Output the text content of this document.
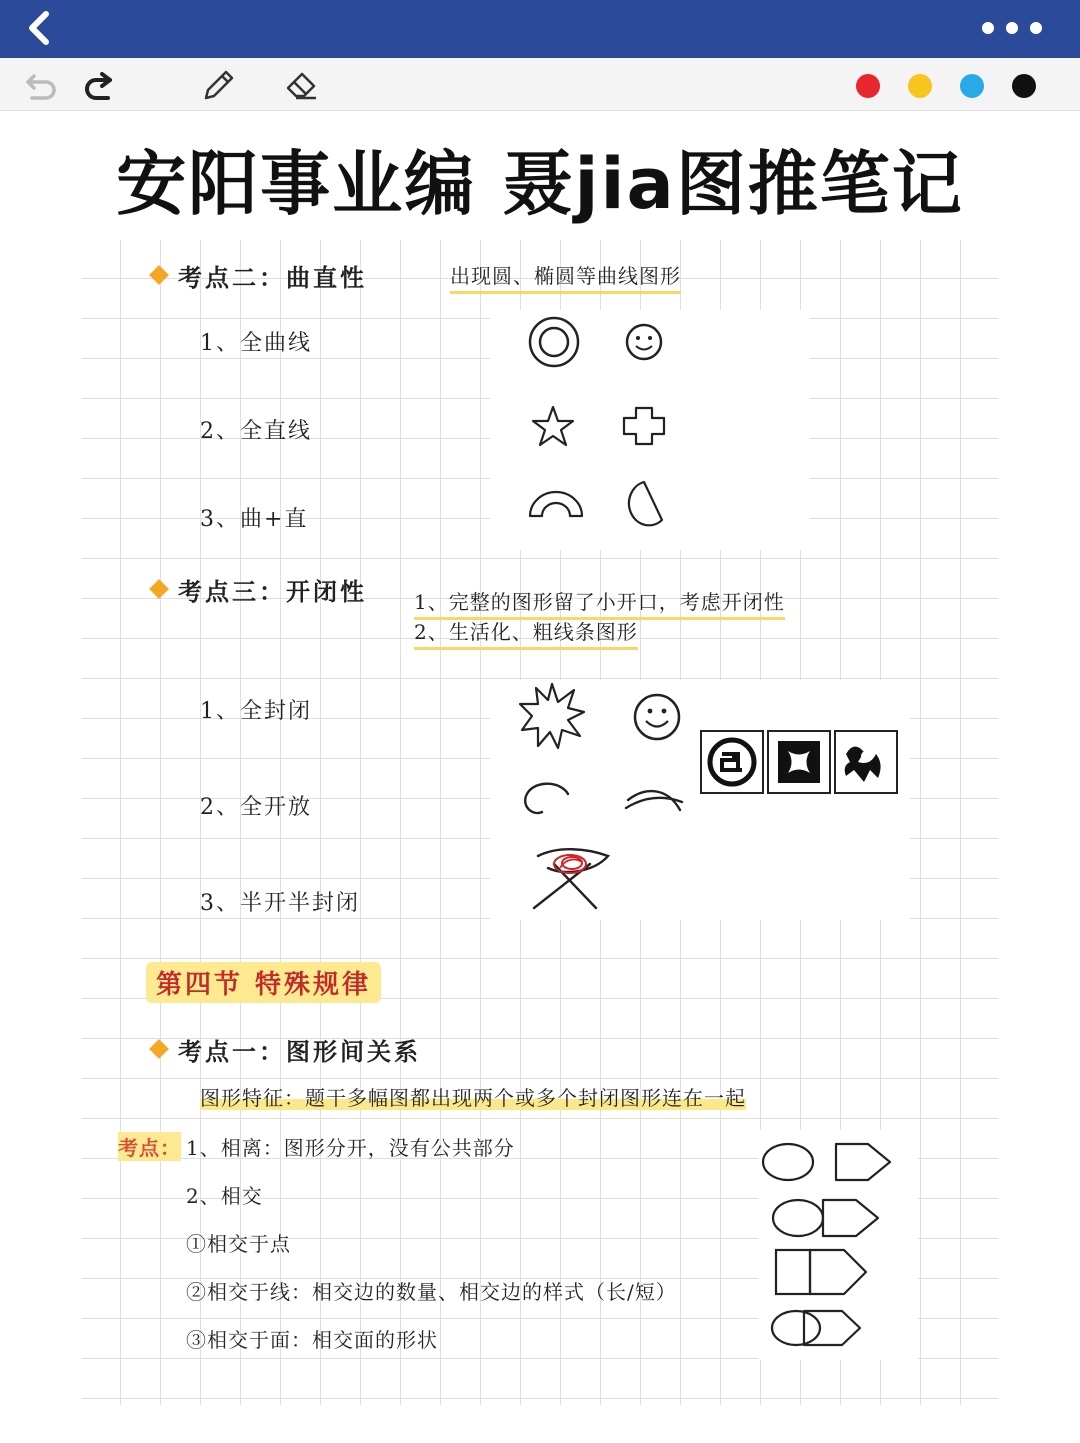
安阳事业编 聂jia图推笔记
考点二：曲直性	出现圆、椭圆等曲线图形
1、全曲线
2、全直线
3、曲+直
考点三：开闭性 1、完整的图形留了小开口，考虑开闭性
2、生活化、粗线条图形
1、全封闭
2、全开放
3、半开半封闭
第四节 特殊规律
考点一：图形间关系
图形特征：题干多幅图都出现两个或多个封闭图形连在一起
考点： 1、相离：图形分开，没有公共部分
2、相交
①相交于点
②相交于线：相交边的数量、相交边的样式（长/短）
③相交于面：相交面的形状
